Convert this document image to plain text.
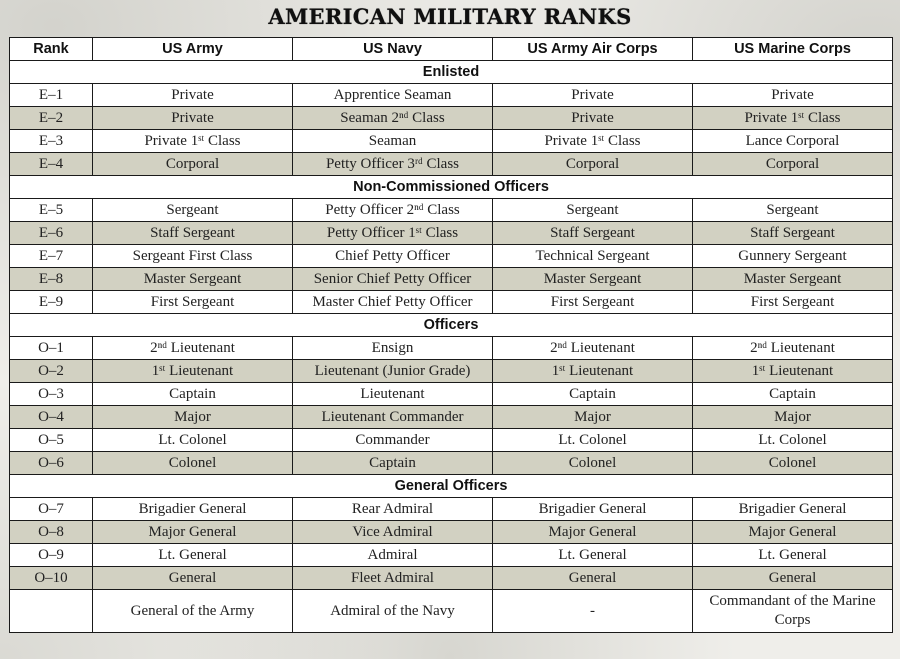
AMERICAN MILITARY RANKS
Rank	US Army	US Navy	US Army Air Corps	US Marine Corps
Enlisted				
E–1	Private	Apprentice Seaman	Private	Private
E–2	Private	Seaman 2ⁿᵈ Class	Private	Private 1ˢᵗ Class
E–3	Private 1ˢᵗ Class	Seaman	Private 1ˢᵗ Class	Lance Corporal
E–4	Corporal	Petty Officer 3ʳᵈ Class	Corporal	Corporal
Non-Commissioned Officers				
E–5	Sergeant	Petty Officer 2ⁿᵈ Class	Sergeant	Sergeant
E–6	Staff Sergeant	Petty Officer 1ˢᵗ Class	Staff Sergeant	Staff Sergeant
E–7	Sergeant First Class	Chief Petty Officer	Technical Sergeant	Gunnery Sergeant
E–8	Master Sergeant	Senior Chief Petty Officer	Master Sergeant	Master Sergeant
E–9	First Sergeant	Master Chief Petty Officer	First Sergeant	First Sergeant
Officers				
O–1	2ⁿᵈ Lieutenant	Ensign	2ⁿᵈ Lieutenant	2ⁿᵈ Lieutenant
O–2	1ˢᵗ Lieutenant	Lieutenant (Junior Grade)	1ˢᵗ Lieutenant	1ˢᵗ Lieutenant
O–3	Captain	Lieutenant	Captain	Captain
O–4	Major	Lieutenant Commander	Major	Major
O–5	Lt. Colonel	Commander	Lt. Colonel	Lt. Colonel
O–6	Colonel	Captain	Colonel	Colonel
General Officers				
O–7	Brigadier General	Rear Admiral	Brigadier General	Brigadier General
O–8	Major General	Vice Admiral	Major General	Major General
O–9	Lt. General	Admiral	Lt. General	Lt. General
O–10	General	Fleet Admiral	General	General
	General of the Army	Admiral of the Navy	-	Commandant of the Marine Corps
